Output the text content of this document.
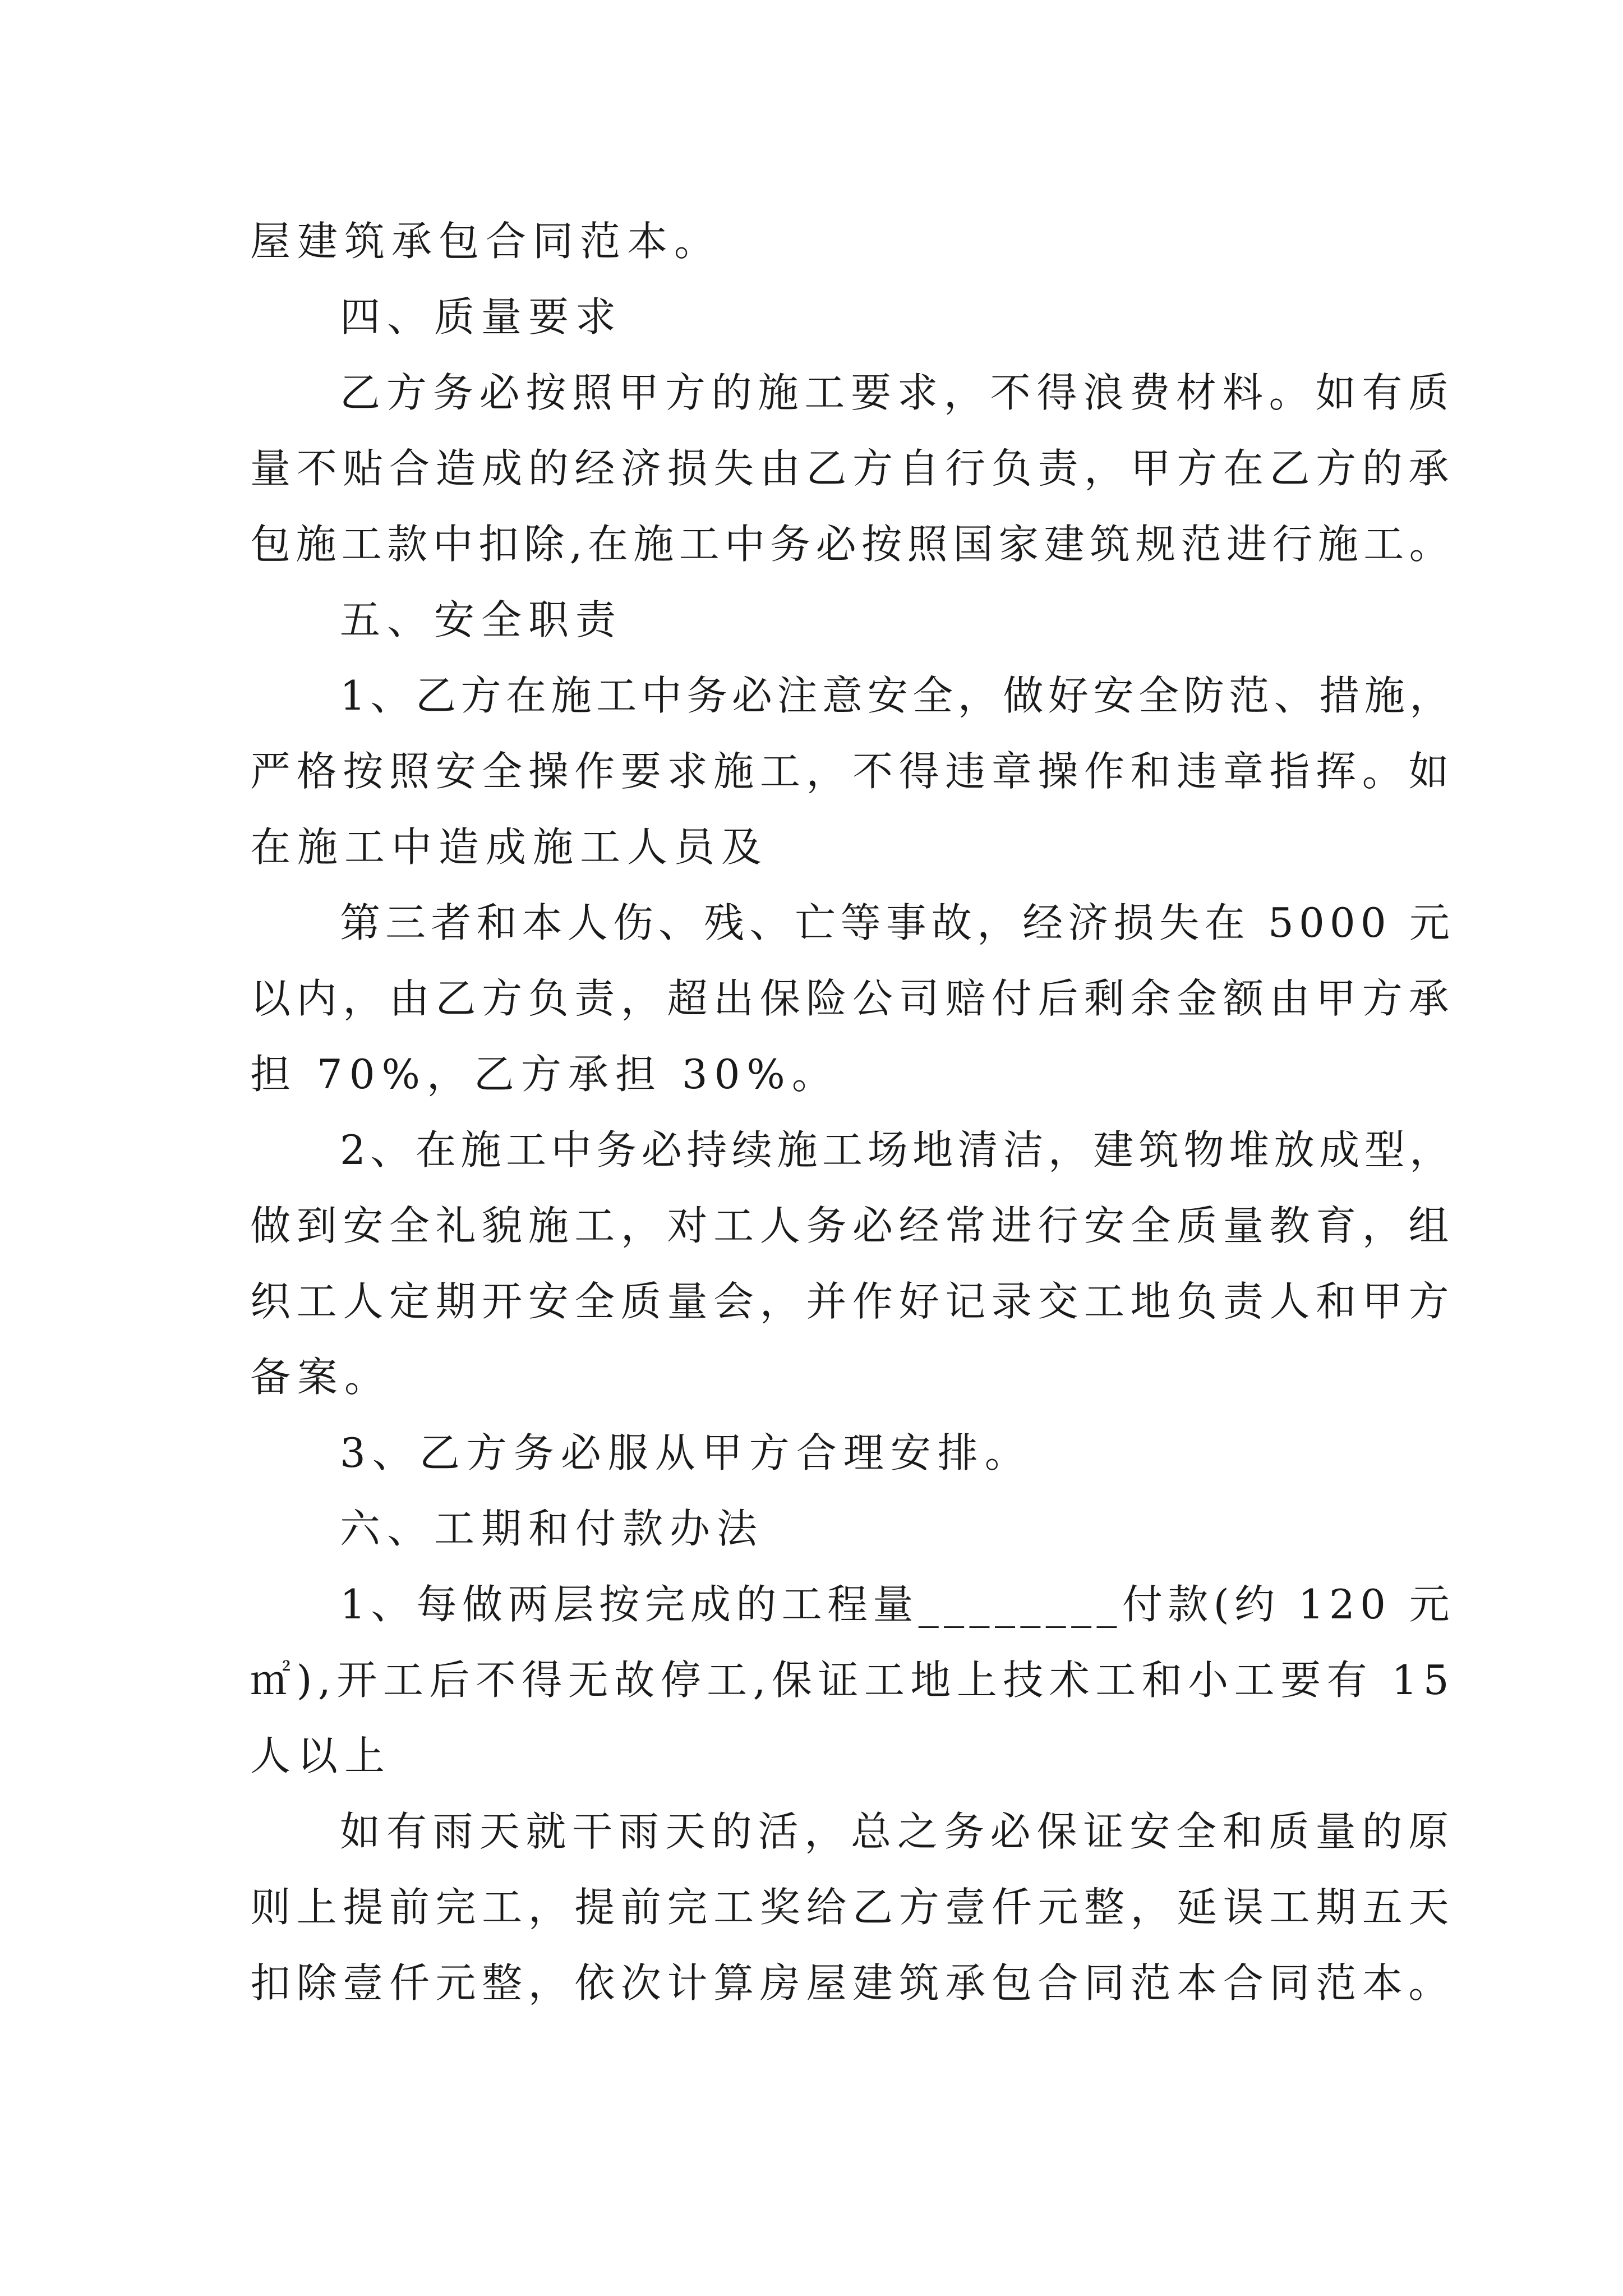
屋建筑承包合同范本。
四、质量要求
乙方务必按照甲方的施工要求，不得浪费材料。如有质
量不贴合造成的经济损失由乙方自行负责，甲方在乙方的承
包施工款中扣除,在施工中务必按照国家建筑规范进行施工。
五、安全职责
1、乙方在施工中务必注意安全，做好安全防范、措施，
严格按照安全操作要求施工，不得违章操作和违章指挥。如
在施工中造成施工人员及
第三者和本人伤、残、亡等事故，经济损失在 5000 元
以内，由乙方负责，超出保险公司赔付后剩余金额由甲方承
担 70%，乙方承担 30%。
2、在施工中务必持续施工场地清洁，建筑物堆放成型，
做到安全礼貌施工，对工人务必经常进行安全质量教育，组
织工人定期开安全质量会，并作好记录交工地负责人和甲方
备案。
3、乙方务必服从甲方合理安排。
六、工期和付款办法
1、每做两层按完成的工程量________付款(约 120 元
㎡),开工后不得无故停工,保证工地上技术工和小工要有 15
人以上
如有雨天就干雨天的活，总之务必保证安全和质量的原
则上提前完工，提前完工奖给乙方壹仟元整，延误工期五天
扣除壹仟元整，依次计算房屋建筑承包合同范本合同范本。
